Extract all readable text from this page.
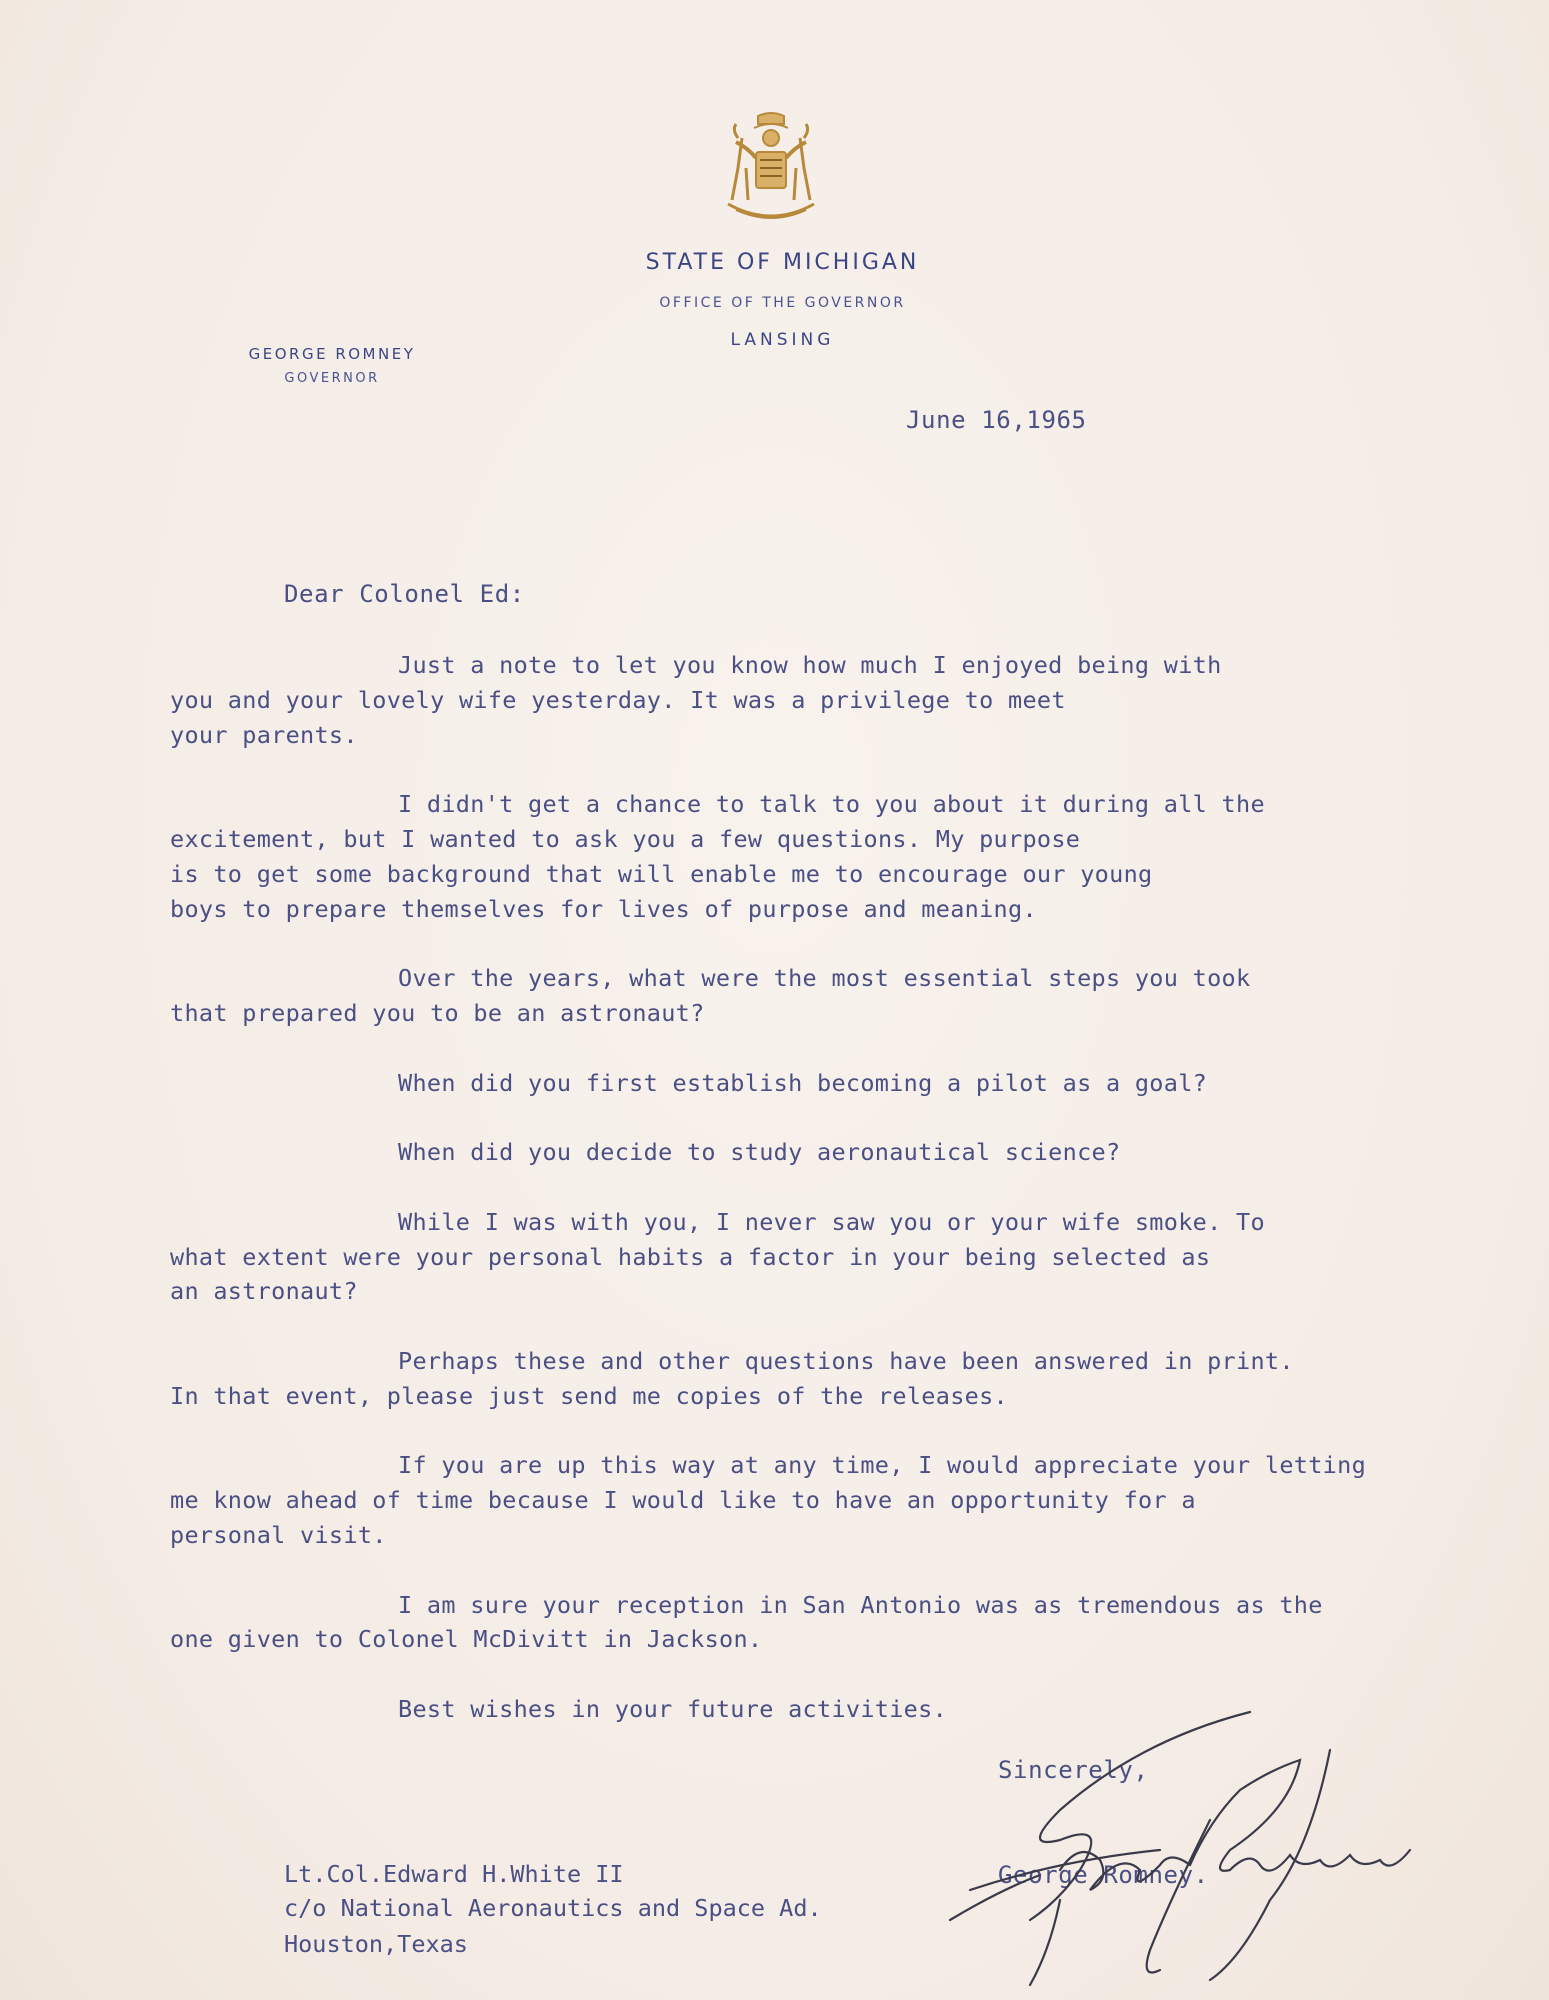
STATE OF MICHIGAN
OFFICE OF THE GOVERNOR
LANSING
GEORGE ROMNEY
GOVERNOR
June 16,1965
Dear Colonel Ed:

Just a note to let you know how much I enjoyed being with
you and your lovely wife yesterday. It was a privilege to meet
your parents.

I didn't get a chance to talk to you about it during all the
excitement, but I wanted to ask you a few questions. My purpose
is to get some background that will enable me to encourage our young
boys to prepare themselves for lives of purpose and meaning.

Over the years, what were the most essential steps you took
that prepared you to be an astronaut?

When did you first establish becoming a pilot as a goal?

When did you decide to study aeronautical science?

While I was with you, I never saw you or your wife smoke. To
what extent were your personal habits a factor in your being selected as
an astronaut?

Perhaps these and other questions have been answered in print.
In that event, please just send me copies of the releases.

If you are up this way at any time, I would appreciate your letting
me know ahead of time because I would like to have an opportunity for a
personal visit.

I am sure your reception in San Antonio was as tremendous as the
one given to Colonel McDivitt in Jackson.

Best wishes in your future activities.

Sincerely,
George Romney.
Lt.Col.Edward H.White II
c/o National Aeronautics and Space Ad.
Houston,Texas
